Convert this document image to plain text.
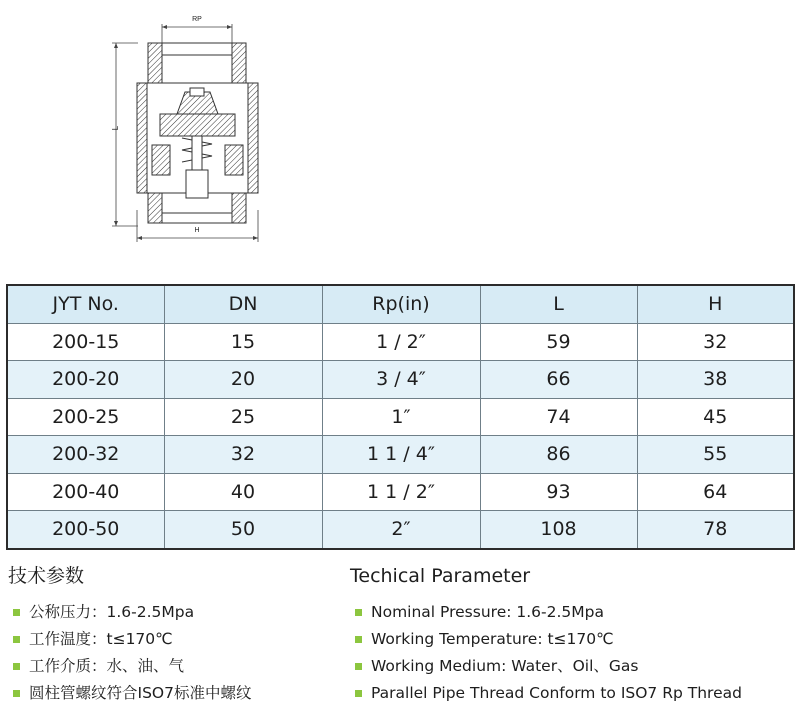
RP
L
H
JYT No.	DN	Rp(in)	L	H
200-15	15	1 / 2″	59	32
200-20	20	3 / 4″	66	38
200-25	25	1″	74	45
200-32	32	1 1 / 4″	86	55
200-40	40	1 1 / 2″	93	64
200-50	50	2″	108	78
技术参数
公称压力：1.6-2.5Mpa
工作温度：t≤170℃
工作介质：水、油、气
圆柱管螺纹符合ISO7标准中螺纹
Techical Parameter
Nominal Pressure: 1.6-2.5Mpa
Working Temperature: t≤170℃
Working Medium: Water、Oil、Gas
Parallel Pipe Thread Conform to ISO7 Rp Thread
